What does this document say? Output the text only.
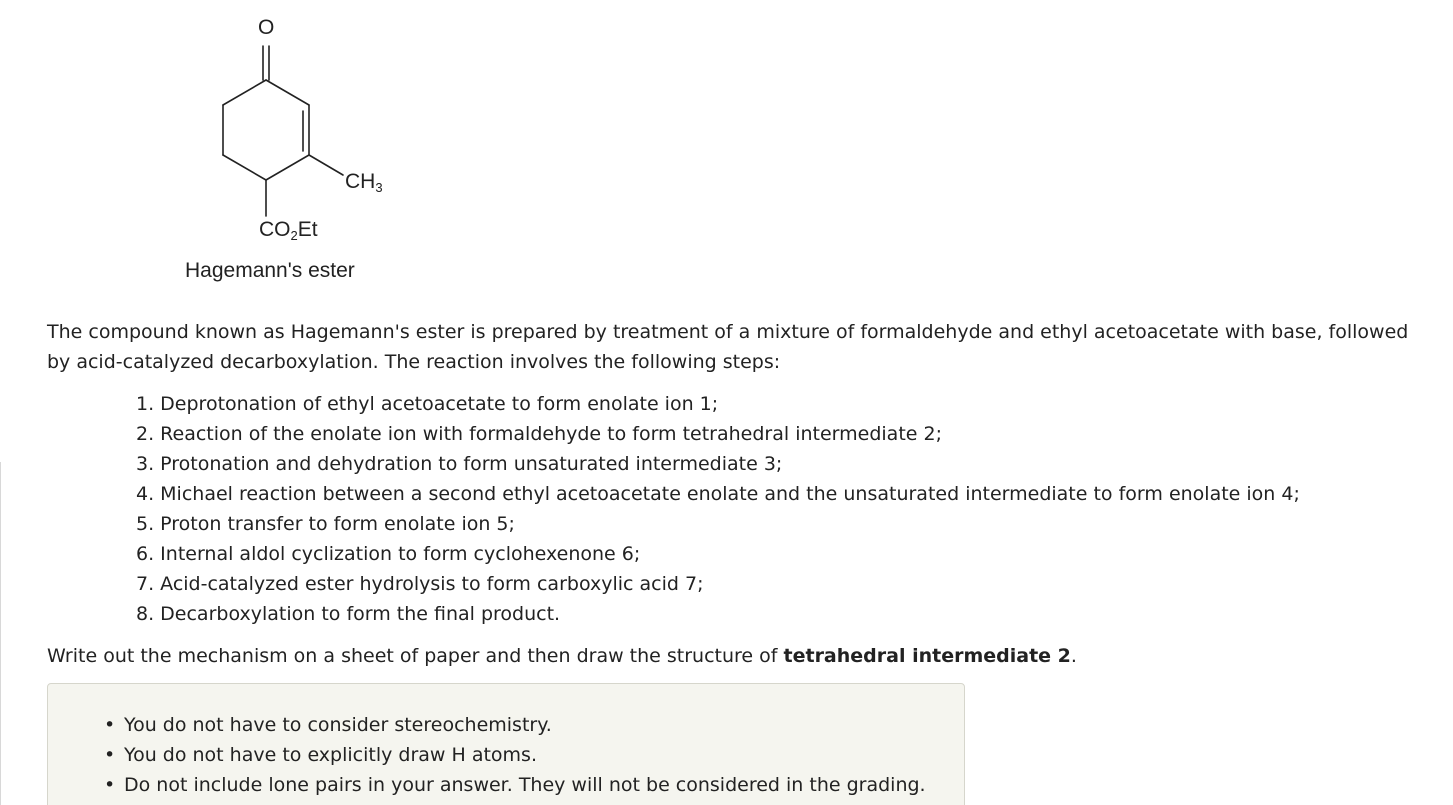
O
$CH_3$
$CO_2Et$
Hagemann's ester

The compound known as Hagemann's ester is prepared by treatment of a mixture of formaldehyde and ethyl acetoacetate with base, followed by acid-catalyzed decarboxylation. The reaction involves the following steps:

1. Deprotonation of ethyl acetoacetate to form enolate ion 1;
2. Reaction of the enolate ion with formaldehyde to form tetrahedral intermediate 2;
3. Protonation and dehydration to form unsaturated intermediate 3;
4. Michael reaction between a second ethyl acetoacetate enolate and the unsaturated intermediate to form enolate ion 4;
5. Proton transfer to form enolate ion 5;
6. Internal aldol cyclization to form cyclohexenone 6;
7. Acid-catalyzed ester hydrolysis to form carboxylic acid 7;
8. Decarboxylation to form the final product.

Write out the mechanism on a sheet of paper and then draw the structure of tetrahedral intermediate 2.

• You do not have to consider stereochemistry.
• You do not have to explicitly draw H atoms.
• Do not include lone pairs in your answer. They will not be considered in the grading.
